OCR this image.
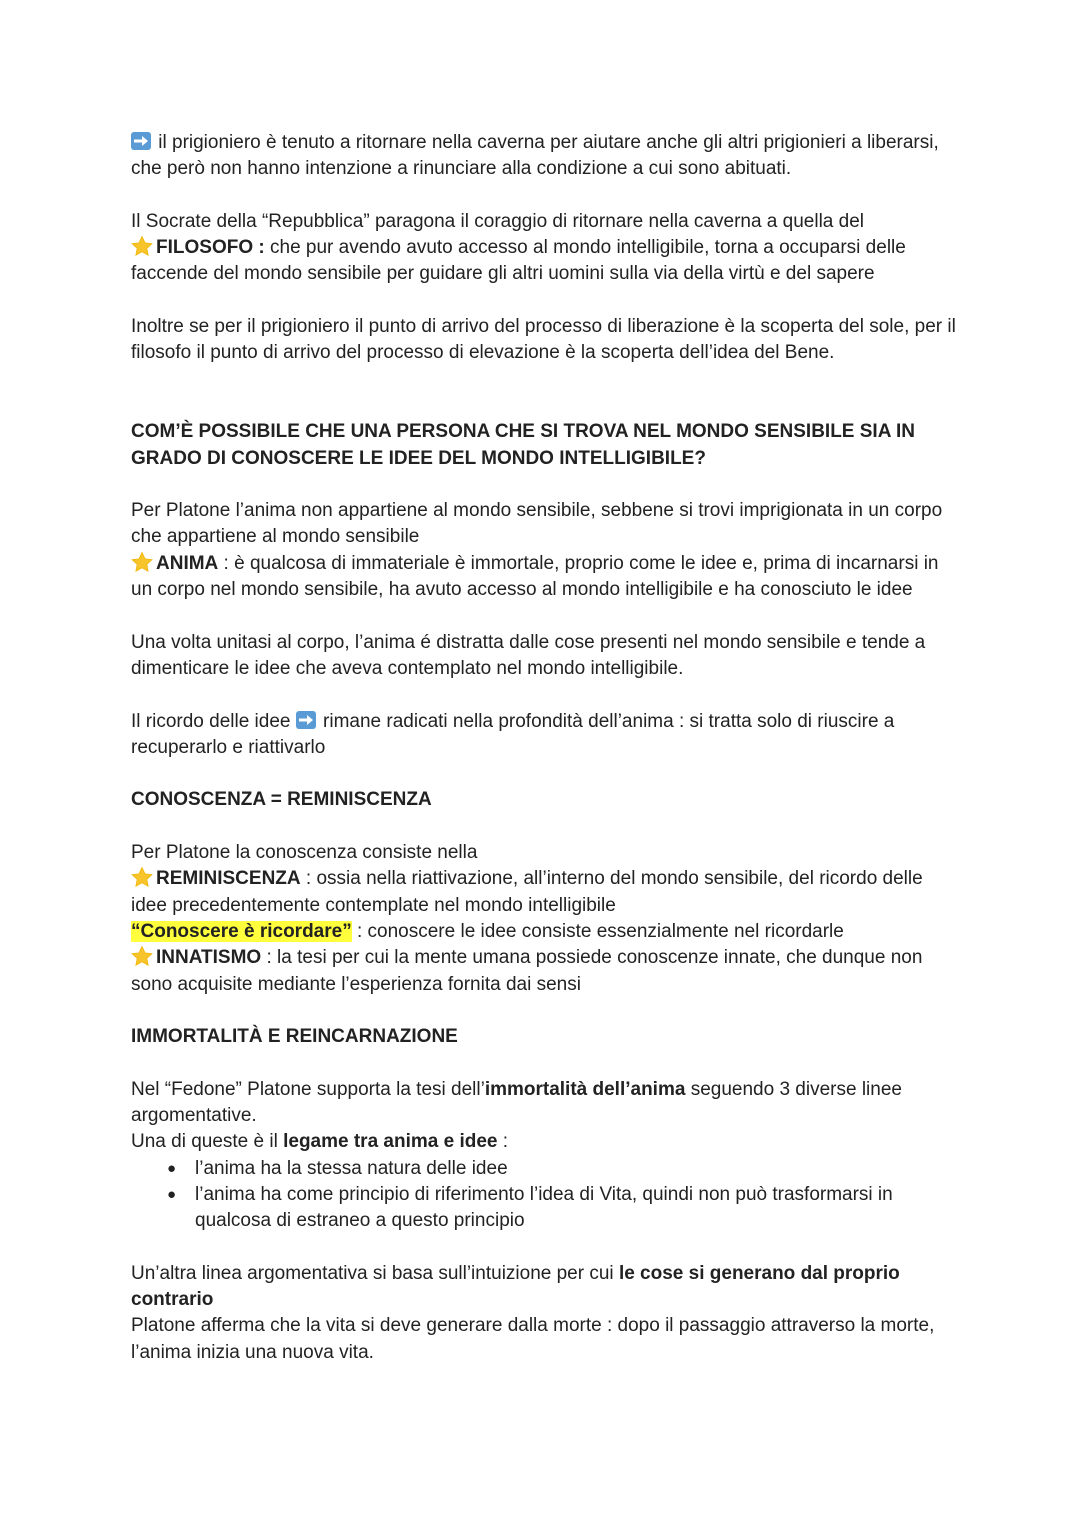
il prigioniero è tenuto a ritornare nella caverna per aiutare anche gli altri prigionieri a liberarsi, che però non hanno intenzione a rinunciare alla condizione a cui sono abituati.

Il Socrate della “Repubblica” paragona il coraggio di ritornare nella caverna a quella del
FILOSOFO : che pur avendo avuto accesso al mondo intelligibile, torna a occuparsi delle faccende del mondo sensibile per guidare gli altri uomini sulla via della virtù e del sapere

Inoltre se per il prigioniero il punto di arrivo del processo di liberazione è la scoperta del sole, per il filosofo il punto di arrivo del processo di elevazione è la scoperta dell’idea del Bene.

COM’È POSSIBILE CHE UNA PERSONA CHE SI TROVA NEL MONDO SENSIBILE SIA IN GRADO DI CONOSCERE LE IDEE DEL MONDO INTELLIGIBILE?

Per Platone l’anima non appartiene al mondo sensibile, sebbene si trovi imprigionata in un corpo che appartiene al mondo sensibile
ANIMA : è qualcosa di immateriale è immortale, proprio come le idee e, prima di incarnarsi in un corpo nel mondo sensibile, ha avuto accesso al mondo intelligibile e ha conosciuto le idee

Una volta unitasi al corpo, l’anima é distratta dalle cose presenti nel mondo sensibile e tende a dimenticare le idee che aveva contemplato nel mondo intelligibile.

Il ricordo delle idee
rimane radicati nella profondità dell’anima : si tratta solo di riuscire a recuperarlo e riattivarlo

CONOSCENZA = REMINISCENZA

Per Platone la conoscenza consiste nella
REMINISCENZA : ossia nella riattivazione, all’interno del mondo sensibile, del ricordo delle idee precedentemente contemplate nel mondo intelligibile
“Conoscere è ricordare” : conoscere le idee consiste essenzialmente nel ricordarle
INNATISMO : la tesi per cui la mente umana possiede conoscenze innate, che dunque non sono acquisite mediante l’esperienza fornita dai sensi

IMMORTALITÀ E REINCARNAZIONE

Nel “Fedone” Platone supporta la tesi dell’immortalità dell’anima seguendo 3 diverse linee argomentative.
Una di queste è il legame tra anima e idee :

● l’anima ha la stessa natura delle idee
● l’anima ha come principio di riferimento l’idea di Vita, quindi non può trasformarsi in qualcosa di estraneo a questo principio

Un’altra linea argomentativa si basa sull’intuizione per cui le cose si generano dal proprio contrario
Platone afferma che la vita si deve generare dalla morte : dopo il passaggio attraverso la morte, l’anima inizia una nuova vita.
